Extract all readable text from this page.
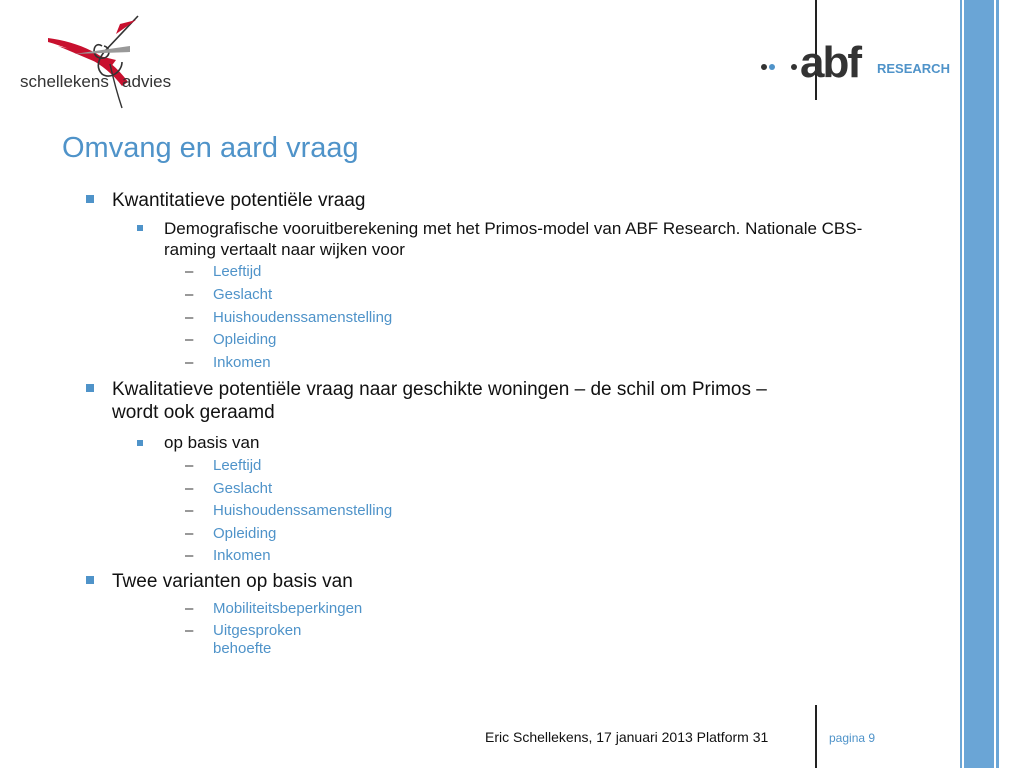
schellekens advies	abf RESEARCH
Omvang en aard vraag
Kwantitatieve potentiële vraag
Demografische vooruitberekening met het Primos-model van ABF Research. Nationale CBS-raming vertaalt naar wijken voor
– Leeftijd
– Geslacht
– Huishoudenssamenstelling
– Opleiding
– Inkomen
Kwalitatieve potentiële vraag naar geschikte woningen – de schil om Primos – wordt ook geraamd
op basis van
– Leeftijd
– Geslacht
– Huishoudenssamenstelling
– Opleiding
– Inkomen
Twee varianten op basis van
– Mobiliteitsbeperkingen
– Uitgesproken behoefte
Eric Schellekens, 17 januari 2013 Platform 31	pagina 9
